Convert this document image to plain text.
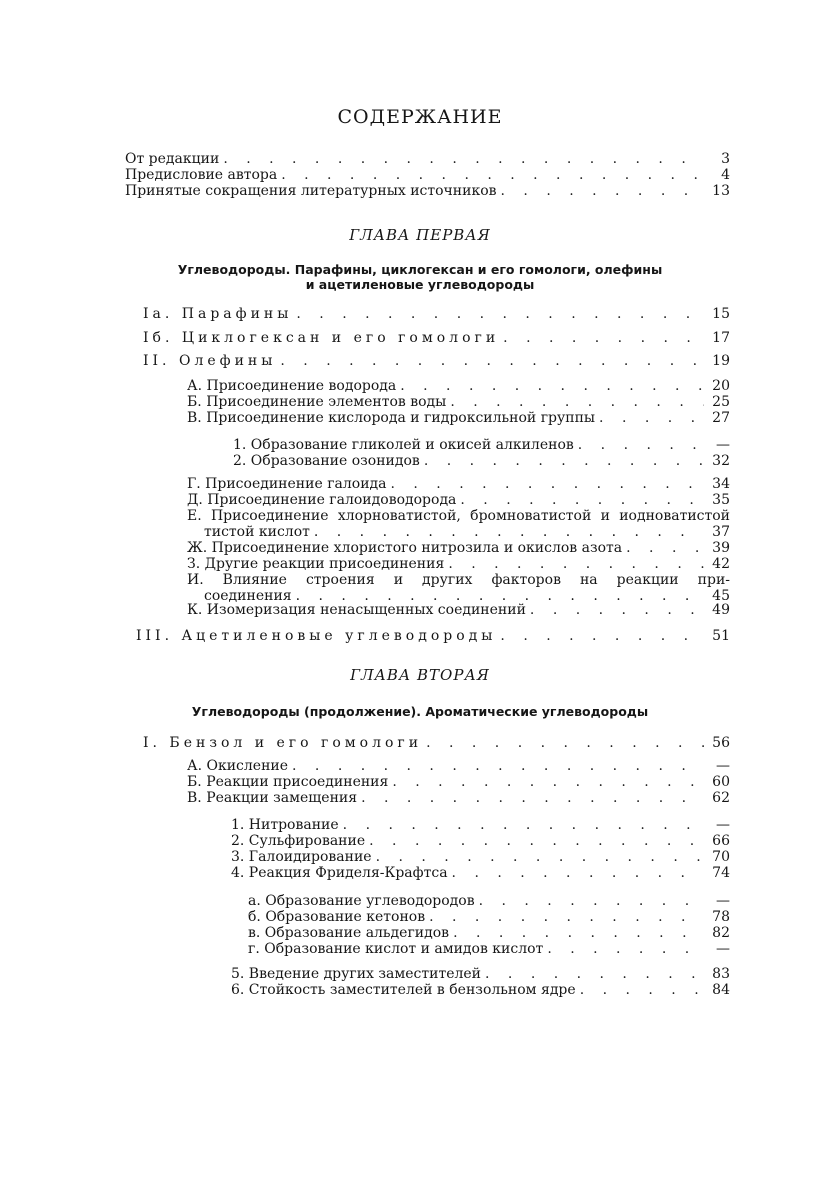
СОДЕРЖАНИЕ
От редакции . . .	3
Предисловие автора . . .	4
Принятые сокращения литературных источников . . .	13
ГЛАВА ПЕРВАЯ
Углеводороды. Парафины, циклогексан и его гомологи, олефины
и ацетиленовые углеводороды
Iа. Парафины . . .	15
Iб. Циклогексан и его гомологи . . .	17
II. Олефины . . .	19
А. Присоединение водорода . . .	20
Б. Присоединение элементов воды . . .	25
В. Присоединение кислорода и гидроксильной группы . . .	27
1. Образование гликолей и окисей алкиленов . . .	—
2. Образование озонидов . . .	32
Г. Присоединение галоида . . .	34
Д. Присоединение галоидоводорода . . .	35
Е. Присоединение хлорноватистой, бромноватистой и иодноватистой
тистой кислот . . .	37
Ж. Присоединение хлористого нитрозила и окислов азота . . .	39
З. Другие реакции присоединения . . .	42
И. Влияние строения и других факторов на реакции при-
соединения . . .	45
К. Изомеризация ненасыщенных соединений . . .	49
III. Ацетиленовые углеводороды . . .	51
ГЛАВА ВТОРАЯ
Углеводороды (продолжение). Ароматические углеводороды
I. Бензол и его гомологи . . .	56
А. Окисление . . .	—
Б. Реакции присоединения . . .	60
В. Реакции замещения . . .	62
1. Нитрование . . .	—
2. Сульфирование . . .	66
3. Галоидирование . . .	70
4. Реакция Фриделя-Крафтса . . .	74
а. Образование углеводородов . . .	—
б. Образование кетонов . . .	78
в. Образование альдегидов . . .	82
г. Образование кислот и амидов кислот . . .	—
5. Введение других заместителей . . .	83
6. Стойкость заместителей в бензольном ядре . . .	84
